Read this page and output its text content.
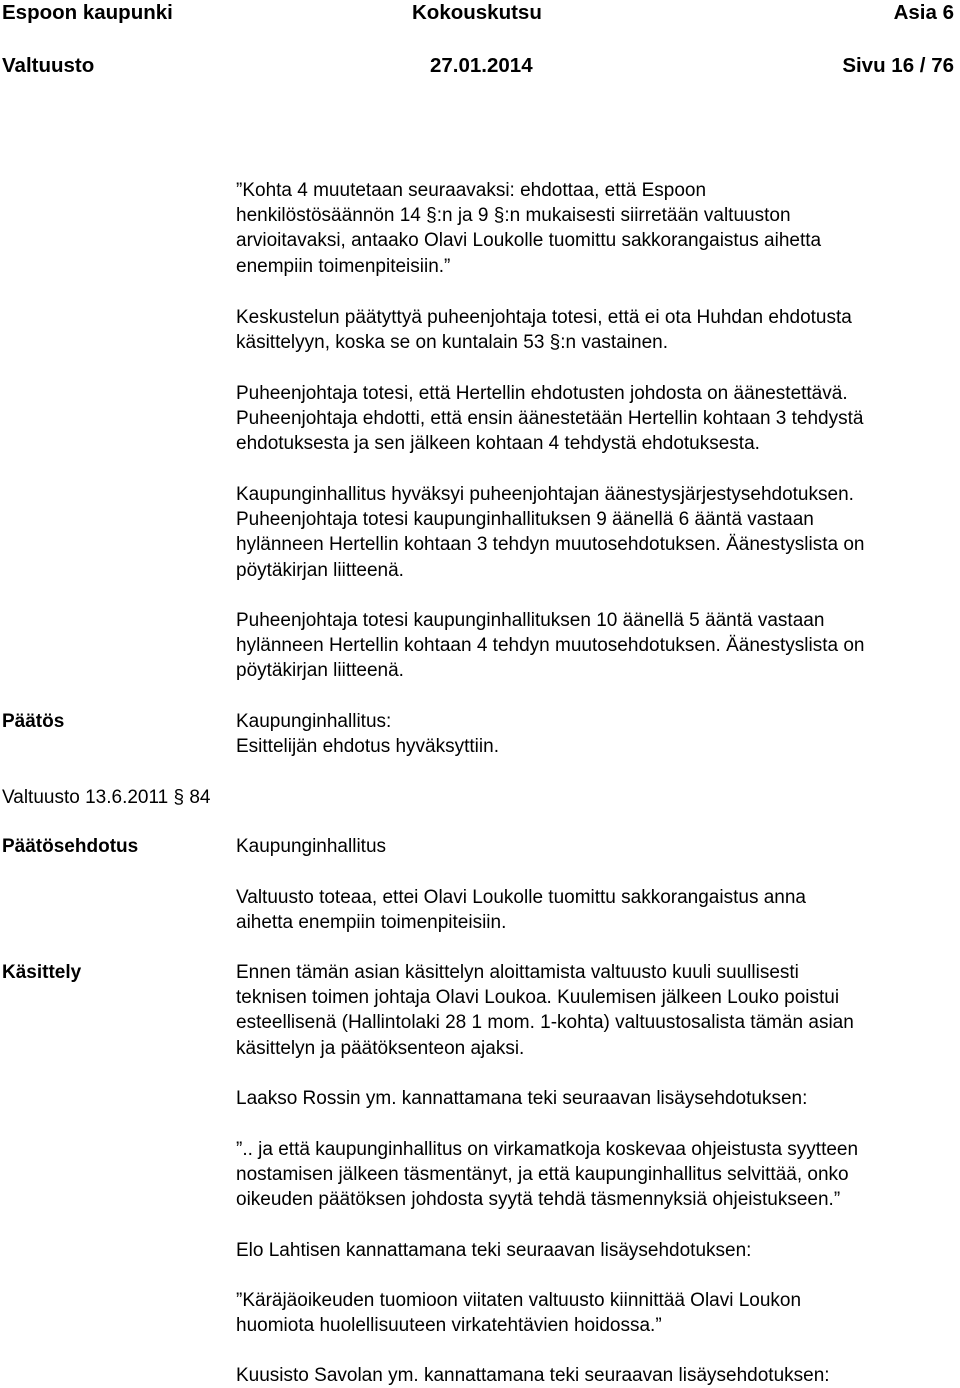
Espoon kaupunki	Kokouskutsu	Asia 6
Valtuusto	27.01.2014	Sivu 16 / 76

”Kohta 4 muutetaan seuraavaksi: ehdottaa, että Espoon

henkilöstösäännön 14 §:n ja 9 §:n mukaisesti siirretään valtuuston

arvioitavaksi, antaako Olavi Loukolle tuomittu sakkorangaistus aihetta

enempiin toimenpiteisiin.”

Keskustelun päätyttyä puheenjohtaja totesi, että ei ota Huhdan ehdotusta

käsittelyyn, koska se on kuntalain 53 §:n vastainen.

Puheenjohtaja totesi, että Hertellin ehdotusten johdosta on äänestettävä.

Puheenjohtaja ehdotti, että ensin äänestetään Hertellin kohtaan 3 tehdystä

ehdotuksesta ja sen jälkeen kohtaan 4 tehdystä ehdotuksesta.

Kaupunginhallitus hyväksyi puheenjohtajan äänestysjärjestysehdotuksen.

Puheenjohtaja totesi kaupunginhallituksen 9 äänellä 6 ääntä vastaan

hylänneen Hertellin kohtaan 3 tehdyn muutosehdotuksen. Äänestyslista on

pöytäkirjan liitteenä.

Puheenjohtaja totesi kaupunginhallituksen 10 äänellä 5 ääntä vastaan

hylänneen Hertellin kohtaan 4 tehdyn muutosehdotuksen. Äänestyslista on

pöytäkirjan liitteenä.

Päätös	Kaupunginhallitus:

Esittelijän ehdotus hyväksyttiin.

Valtuusto 13.6.2011 § 84
Päätösehdotus	Kaupunginhallitus

Valtuusto toteaa, ettei Olavi Loukolle tuomittu sakkorangaistus anna

aihetta enempiin toimenpiteisiin.

Käsittely	Ennen tämän asian käsittelyn aloittamista valtuusto kuuli suullisesti

teknisen toimen johtaja Olavi Loukoa. Kuulemisen jälkeen Louko poistui

esteellisenä (Hallintolaki 28 1 mom. 1-kohta) valtuustosalista tämän asian

käsittelyn ja päätöksenteon ajaksi.

Laakso Rossin ym. kannattamana teki seuraavan lisäysehdotuksen:

”.. ja että kaupunginhallitus on virkamatkoja koskevaa ohjeistusta syytteen

nostamisen jälkeen täsmentänyt, ja että kaupunginhallitus selvittää, onko

oikeuden päätöksen johdosta syytä tehdä täsmennyksiä ohjeistukseen.”

Elo Lahtisen kannattamana teki seuraavan lisäysehdotuksen:

”Käräjäoikeuden tuomioon viitaten valtuusto kiinnittää Olavi Loukon

huomiota huolellisuuteen virkatehtävien hoidossa.”

Kuusisto Savolan ym. kannattamana teki seuraavan lisäysehdotuksen:
